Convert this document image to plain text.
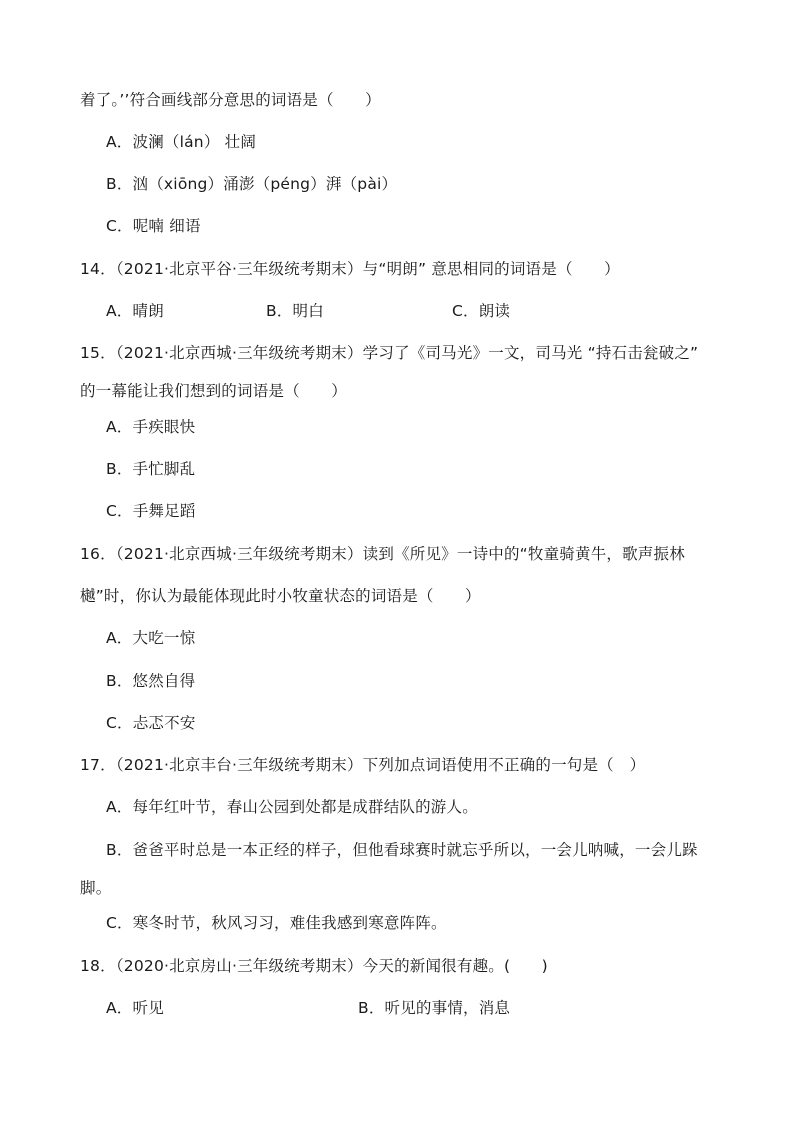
着了。’’符合画线部分意思的词语是（　　）
A．波澜（lán） 壮阔
B．汹（xiōng）涌澎（péng）湃（pài）
C．呢喃 细语
14．（2021·北京平谷·三年级统考期末）与“明朗” 意思相同的词语是（　　）
A．晴朗	B．明白	C．朗读
15．（2021·北京西城·三年级统考期末）学习了《司马光》一文，司马光 “持石击瓮破之”
的一幕能让我们想到的词语是（　　）
A．手疾眼快
B．手忙脚乱
C．手舞足蹈
16．（2021·北京西城·三年级统考期末）读到《所见》一诗中的“牧童骑黄牛，歌声振林
樾”时，你认为最能体现此时小牧童状态的词语是（　　）
A．大吃一惊
B．悠然自得
C．忐忑不安
17．（2021·北京丰台·三年级统考期末）下列加点词语使用不正确的一句是（　）
A．每年红叶节，春山公园到处都是成群结队的游人。
B．爸爸平时总是一本正经的样子，但他看球赛时就忘乎所以，一会儿呐喊，一会儿跺
脚。
C．寒冬时节，秋风习习，难佳我感到寒意阵阵。
18．（2020·北京房山·三年级统考期末）今天的新闻很有趣。(　　)
A．听见	B．听见的事情，消息
